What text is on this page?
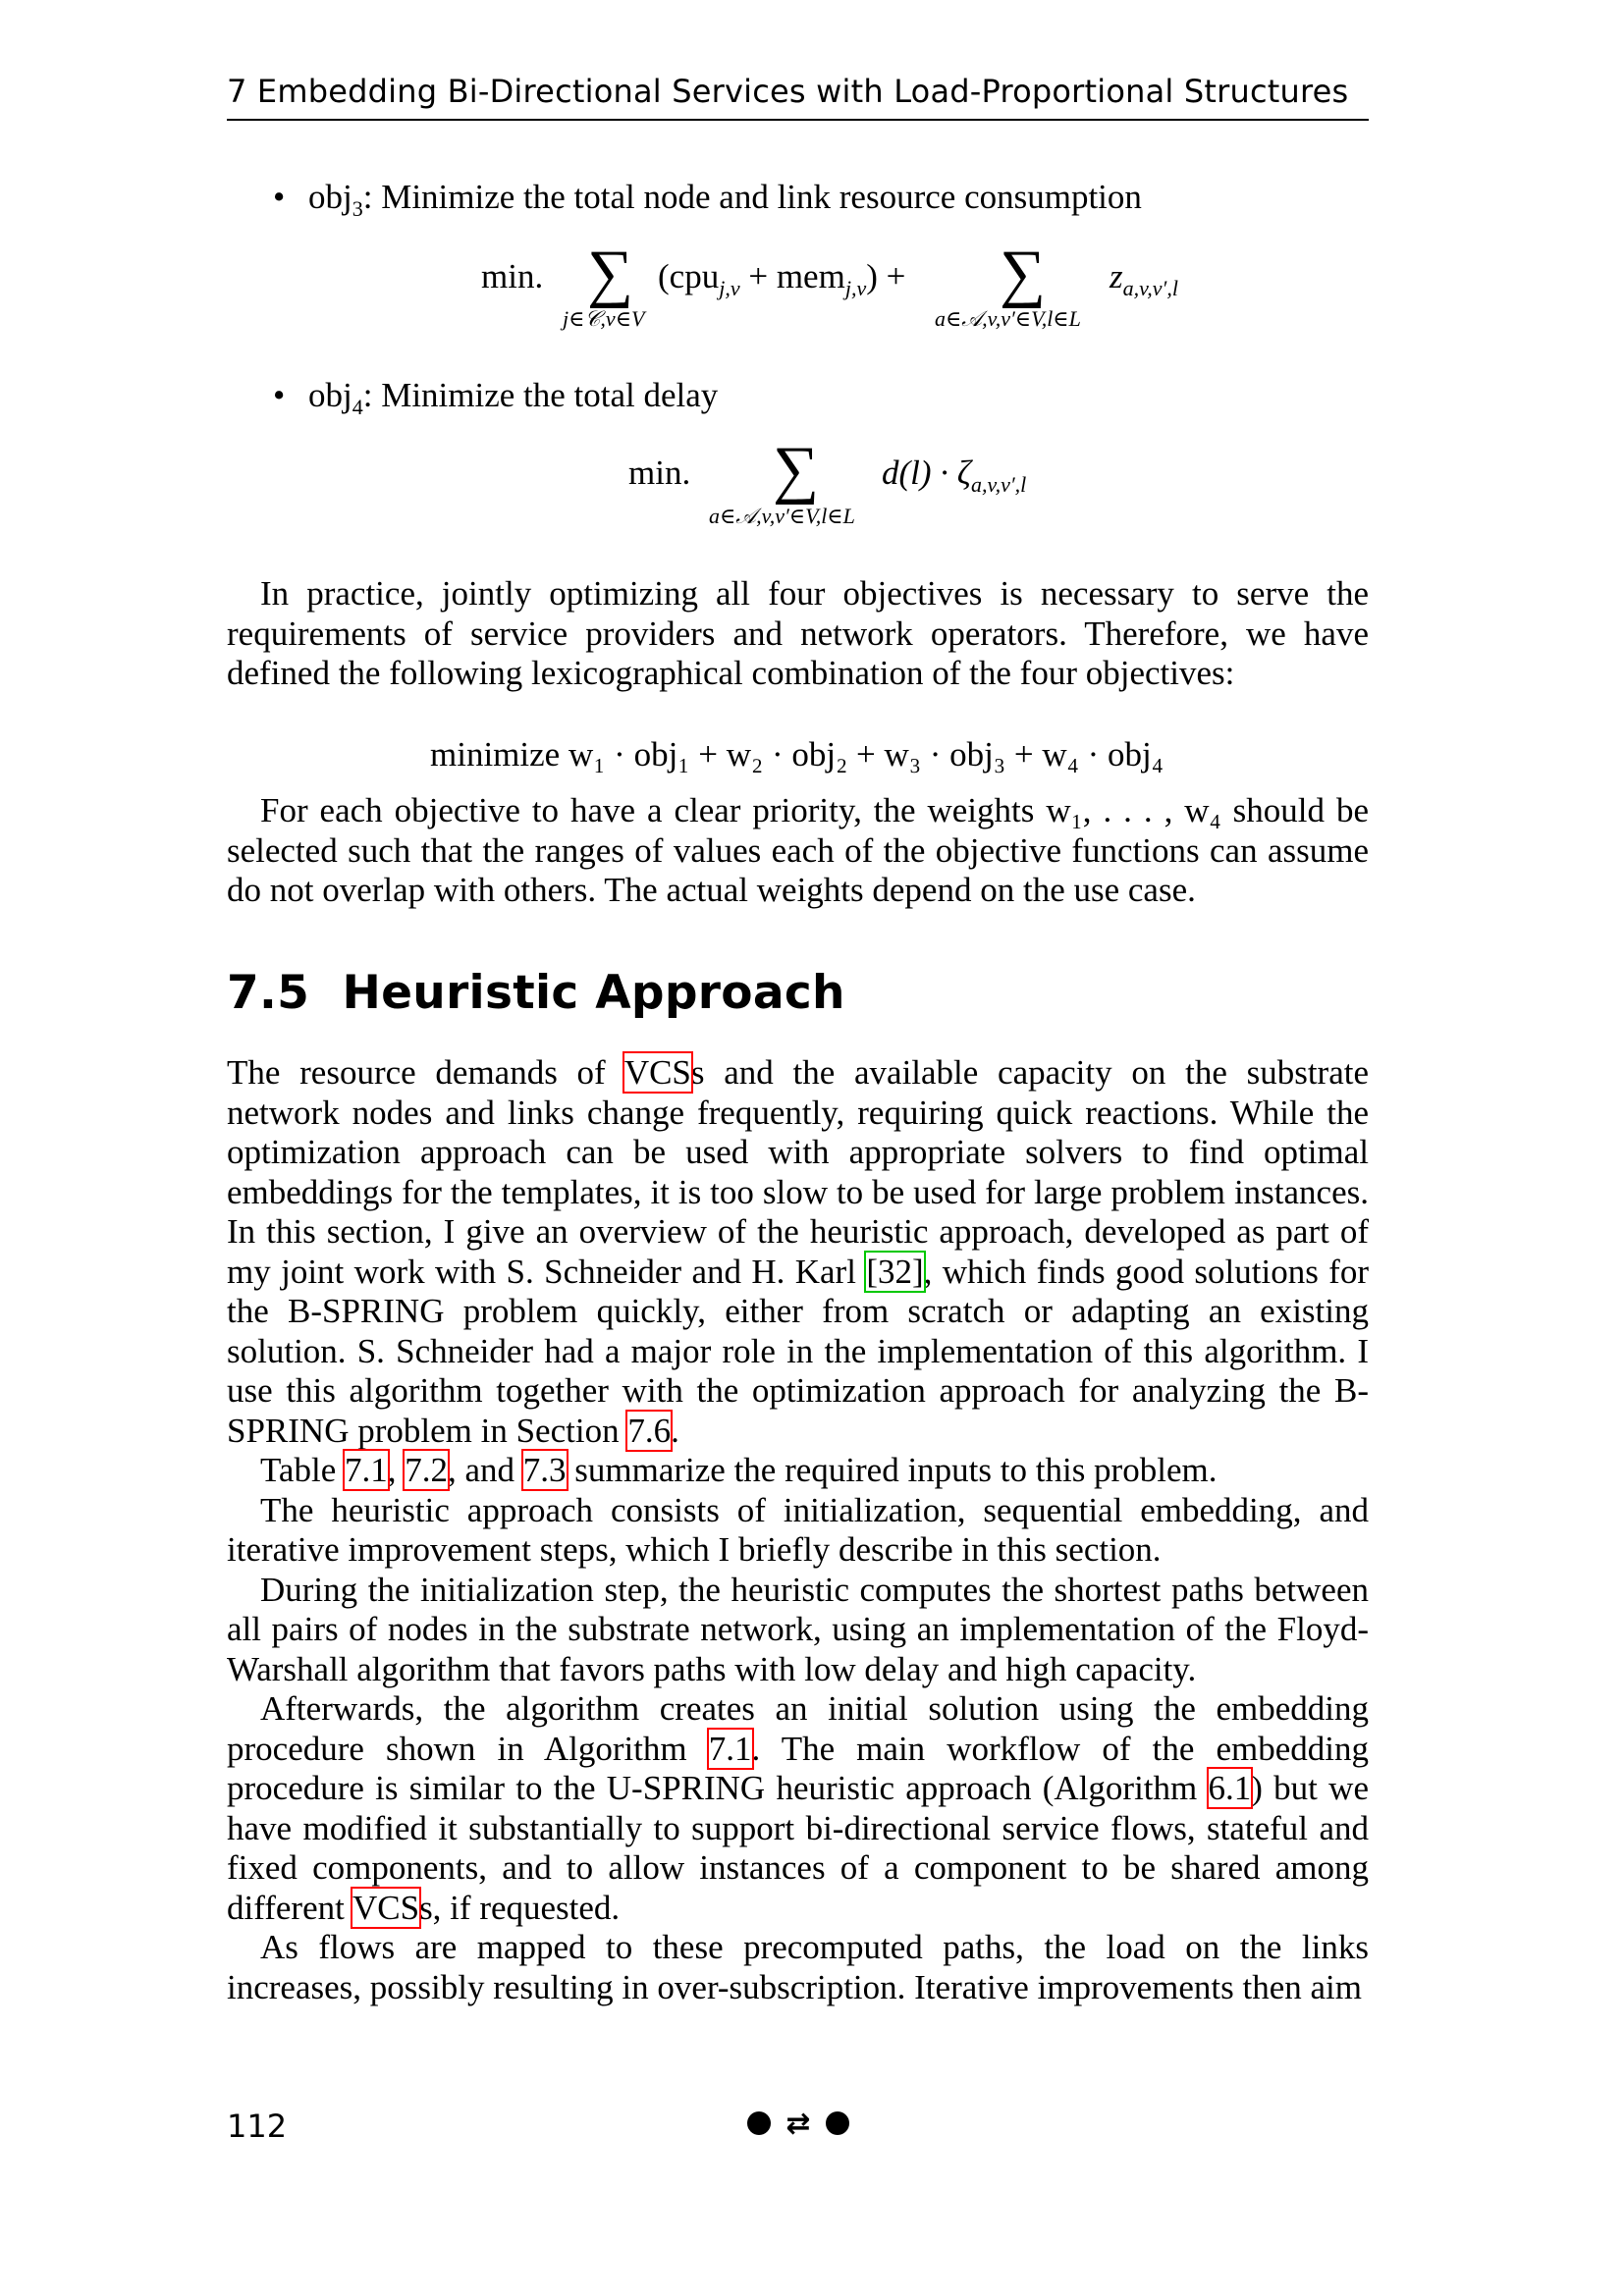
7 Embedding Bi-Directional Services with Load-Proportional Structures
• obj$_3$: Minimize the total node and link resource consumption
min. ∑
j∈𝒞,v∈V
(cpu$_{j,v}$ + mem$_{j,v}$) + ∑
a∈𝒜,v,v′∈V,l∈L
$z_{a,v,v',l}$
• obj$_4$: Minimize the total delay
min. ∑
a∈𝒜,v,v′∈V,l∈L
$d(l) \cdot \zeta_{a,v,v',l}$
In practice, jointly optimizing all four objectives is necessary to serve the requirements of service providers and network operators. Therefore, we have defined the following lexicographical combination of the four objectives:
minimize w₁ · obj₁ + w₂ · obj₂ + w₃ · obj₃ + w₄ · obj₄
For each objective to have a clear priority, the weights w₁, . . . , w₄ should be selected such that the ranges of values each of the objective functions can assume do not overlap with others. The actual weights depend on the use case.
7.5 Heuristic Approach
The resource demands of VCSs and the available capacity on the substrate network nodes and links change frequently, requiring quick reactions. While the optimization approach can be used with appropriate solvers to find optimal embeddings for the templates, it is too slow to be used for large problem instances. In this section, I give an overview of the heuristic approach, developed as part of my joint work with S. Schneider and H. Karl [32], which finds good solutions for the B-SPRING problem quickly, either from scratch or adapting an existing solution. S. Schneider had a major role in the implementation of this algorithm. I use this algorithm together with the optimization approach for analyzing the B-SPRING problem in Section 7.6.
Table 7.1, 7.2, and 7.3 summarize the required inputs to this problem.
The heuristic approach consists of initialization, sequential embedding, and iterative improvement steps, which I briefly describe in this section.
During the initialization step, the heuristic computes the shortest paths between all pairs of nodes in the substrate network, using an implementation of the Floyd-Warshall algorithm that favors paths with low delay and high capacity.
Afterwards, the algorithm creates an initial solution using the embedding procedure shown in Algorithm 7.1. The main workflow of the embedding procedure is similar to the U-SPRING heuristic approach (Algorithm 6.1) but we have modified it substantially to support bi-directional service flows, stateful and fixed components, and to allow instances of a component to be shared among different VCSs, if requested.
As flows are mapped to these precomputed paths, the load on the links increases, possibly resulting in over-subscription. Iterative improvements then aim
112	⇄
